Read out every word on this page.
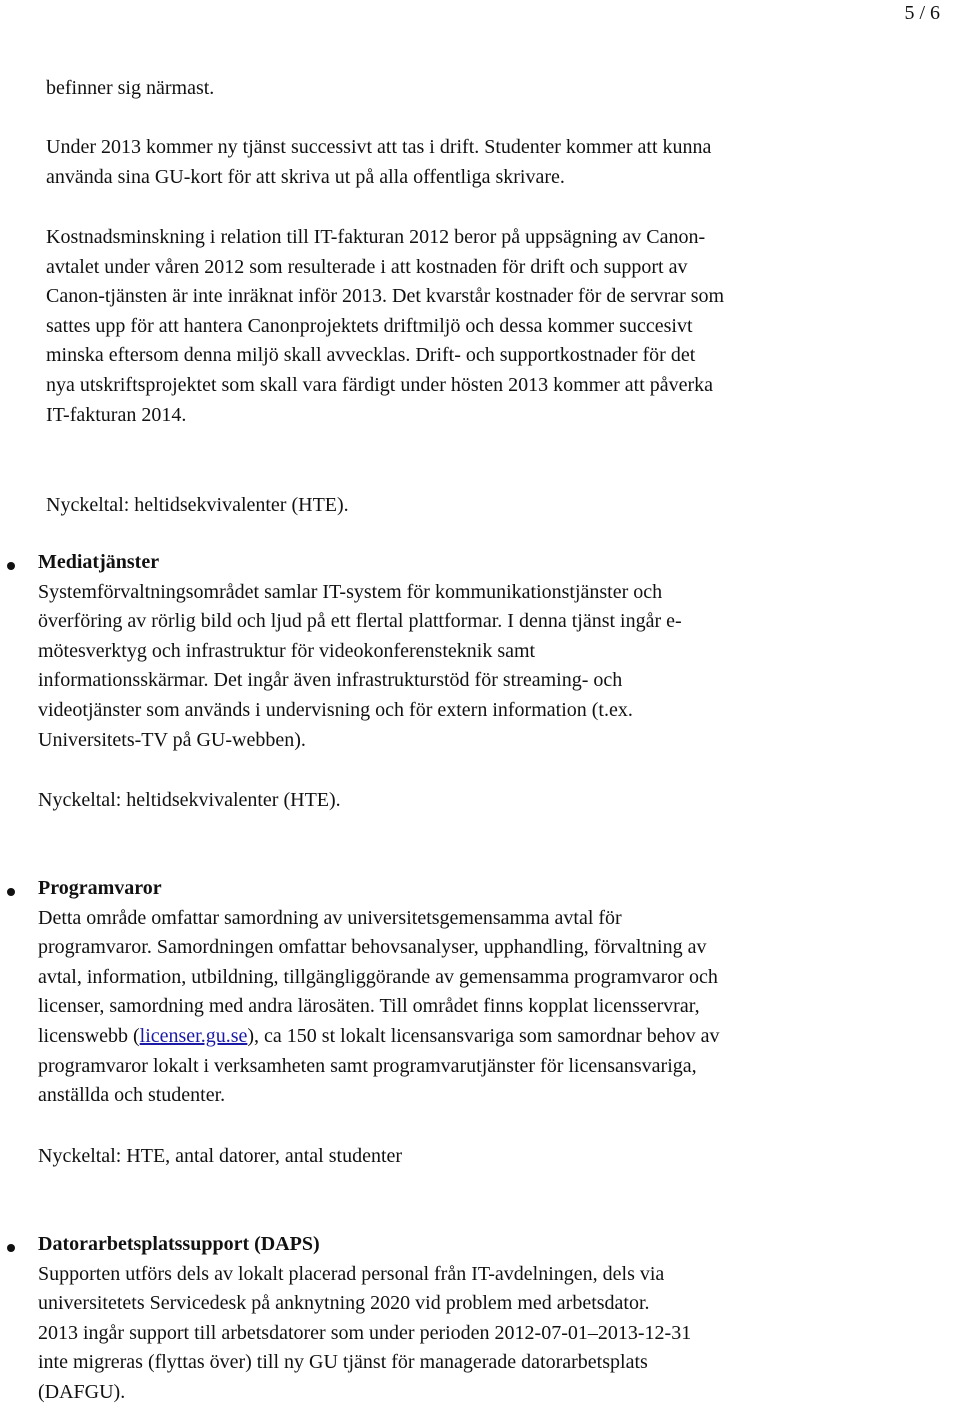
5 / 6
befinner sig närmast.
Under 2013 kommer ny tjänst successivt att tas i drift. Studenter kommer att kunna
använda sina GU-kort för att skriva ut på alla offentliga skrivare.
Kostnadsminskning i relation till IT-fakturan 2012 beror på uppsägning av Canon-
avtalet under våren 2012 som resulterade i att kostnaden för drift och support av
Canon-tjänsten är inte inräknat inför 2013. Det kvarstår kostnader för de servrar som
sattes upp för att hantera Canonprojektets driftmiljö och dessa kommer succesivt
minska eftersom denna miljö skall avvecklas. Drift- och supportkostnader för det
nya utskriftsprojektet som skall vara färdigt under hösten 2013 kommer att påverka
IT-fakturan 2014.
Nyckeltal: heltidsekvivalenter (HTE).
Mediatjänster
Systemförvaltningsområdet samlar IT-system för kommunikationstjänster och
överföring av rörlig bild och ljud på ett flertal plattformar. I denna tjänst ingår e-
mötesverktyg och infrastruktur för videokonferensteknik samt
informationsskärmar. Det ingår även infrastrukturstöd för streaming- och
videotjänster som används i undervisning och för extern information (t.ex.
Universitets-TV på GU-webben).
Nyckeltal: heltidsekvivalenter (HTE).
Programvaror
Detta område omfattar samordning av universitetsgemensamma avtal för
programvaror. Samordningen omfattar behovsanalyser, upphandling, förvaltning av
avtal, information, utbildning, tillgängliggörande av gemensamma programvaror och
licenser, samordning med andra lärosäten. Till området finns kopplat licensservrar,
licenswebb (licenser.gu.se), ca 150 st lokalt licensansvariga som samordnar behov av
programvaror lokalt i verksamheten samt programvarutjänster för licensansvariga,
anställda och studenter.
Nyckeltal: HTE, antal datorer, antal studenter
Datorarbetsplatssupport (DAPS)
Supporten utförs dels av lokalt placerad personal från IT-avdelningen, dels via
universitetets Servicedesk på anknytning 2020 vid problem med arbetsdator.
2013 ingår support till arbetsdatorer som under perioden 2012-07-01–2013-12-31
inte migreras (flyttas över) till ny GU tjänst för managerade datorarbetsplats
(DAFGU).
